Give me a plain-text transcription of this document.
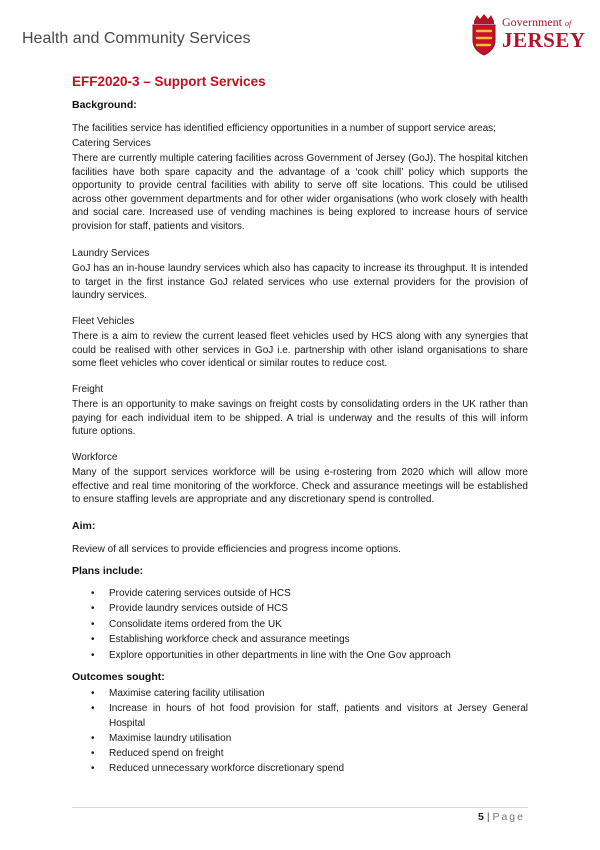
Health and Community Services
Government of
JERSEY
EFF2020-3 – Support Services
Background:

The facilities service has identified efficiency opportunities in a number of support service areas;

Catering Services

There are currently multiple catering facilities across Government of Jersey (GoJ). The hospital kitchen facilities have both spare capacity and the advantage of a ‘cook chill’ policy which supports the opportunity to provide central facilities with ability to serve off site locations. This could be utilised across other government departments and for other wider organisations (who work closely with health and social care. Increased use of vending machines is being explored to increase hours of service provision for staff, patients and visitors.

Laundry Services

GoJ has an in-house laundry services which also has capacity to increase its throughput. It is intended to target in the first instance GoJ related services who use external providers for the provision of laundry services.

Fleet Vehicles

There is a aim to review the current leased fleet vehicles used by HCS along with any synergies that could be realised with other services in GoJ i.e. partnership with other island organisations to share some fleet vehicles who cover identical or similar routes to reduce cost.

Freight

There is an opportunity to make savings on freight costs by consolidating orders in the UK rather than paying for each individual item to be shipped. A trial is underway and the results of this will inform future options.

Workforce

Many of the support services workforce will be using e-rostering from 2020 which will allow more effective and real time monitoring of the workforce. Check and assurance meetings will be established to ensure staffing levels are appropriate and any discretionary spend is controlled.

Aim:

Review of all services to provide efficiencies and progress income options.

Plans include:
• Provide catering services outside of HCS
• Provide laundry services outside of HCS
• Consolidate items ordered from the UK
• Establishing workforce check and assurance meetings
• Explore opportunities in other departments in line with the One Gov approach
Outcomes sought:
• Maximise catering facility utilisation
• Increase in hours of hot food provision for staff, patients and visitors at Jersey General Hospital
• Maximise laundry utilisation
• Reduced spend on freight
• Reduced unnecessary workforce discretionary spend
5 | Page
